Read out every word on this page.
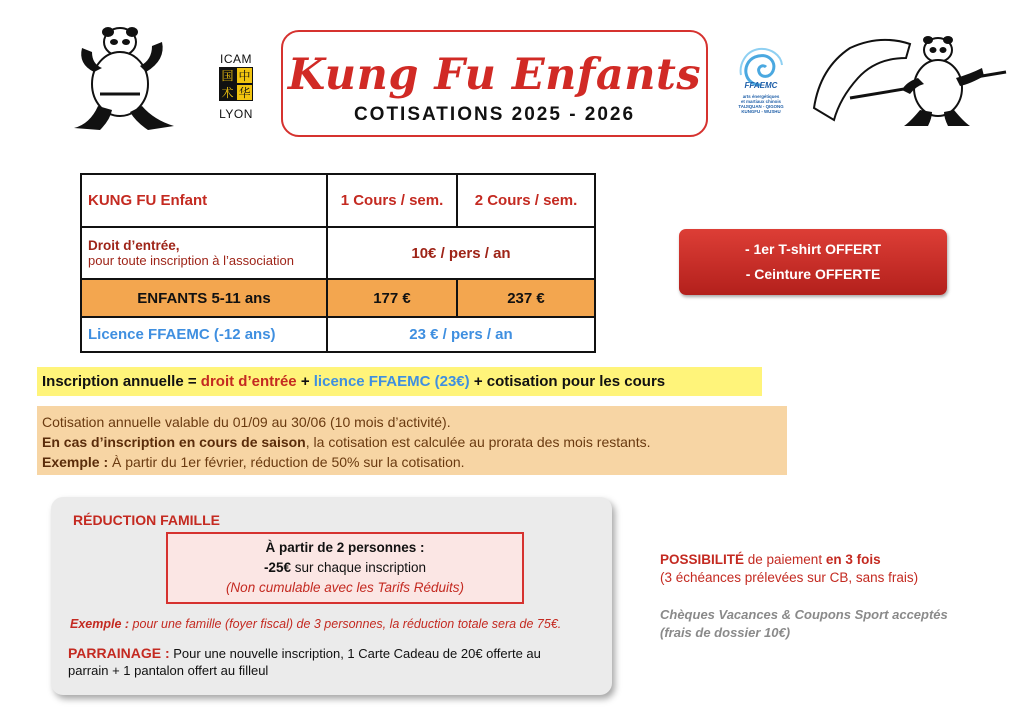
ICAM
中
华
国
术
LYON
Kung Fu Enfants
COTISATIONS 2025 - 2026
FFAEMC
arts énergétiques
et martiaux chinois
TAIJIQUAN - QIGONG
KUNGFU - WUSHU
KUNG FU Enfant	1 Cours / sem.	2 Cours / sem.

Droit d’entrée,
pour toute inscription à l’association	10€ / pers / an	
ENFANTS 5-11 ans	177 €	237 €
Licence FFAEMC (-12 ans)	23 € / pers / an	
- 1er T-shirt OFFERT
- Ceinture OFFERTE
Inscription annuelle = droit d’entrée + licence FFAEMC (23€) + cotisation pour les cours
Cotisation annuelle valable du 01/09 au 30/06 (10 mois d’activité).
En cas d’inscription en cours de saison, la cotisation est calculée au prorata des mois restants.
Exemple : À partir du 1er février, réduction de 50% sur la cotisation.
RÉDUCTION FAMILLE
À partir de 2 personnes :
-25€ sur chaque inscription
(Non cumulable avec les Tarifs Réduits)
Exemple : pour une famille (foyer fiscal) de 3 personnes, la réduction totale sera de 75€.
PARRAINAGE : Pour une nouvelle inscription, 1 Carte Cadeau de 20€ offerte au parrain + 1 pantalon offert au filleul
POSSIBILITÉ de paiement en 3 fois
(3 échéances prélevées sur CB, sans frais)
Chèques Vacances & Coupons Sport acceptés
(frais de dossier 10€)
